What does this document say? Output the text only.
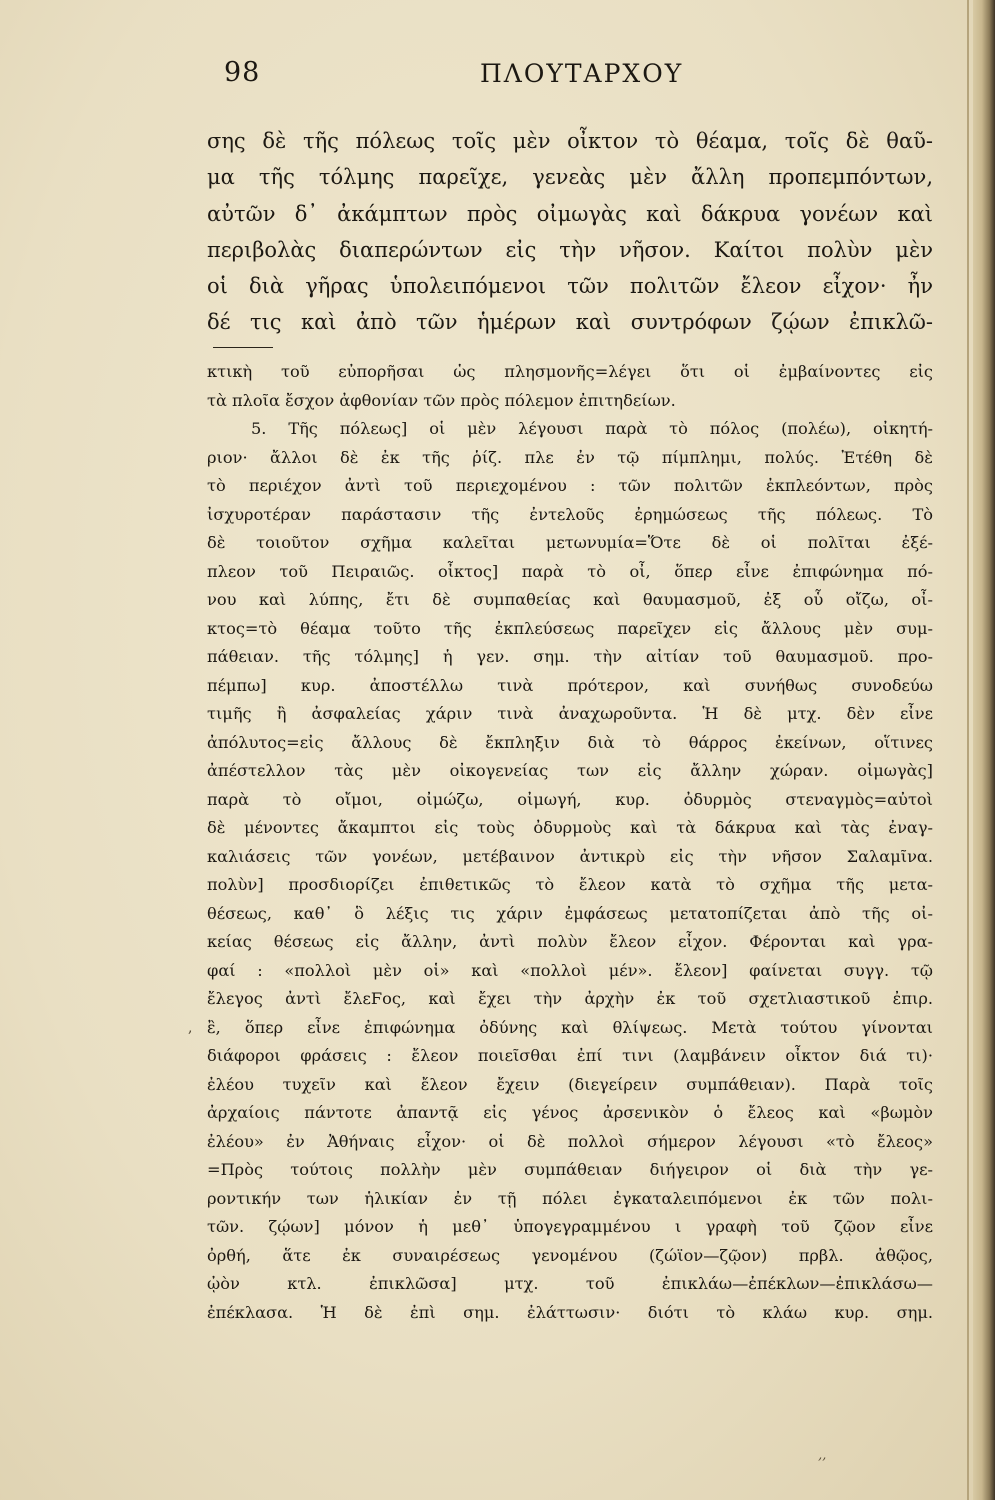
98	ΠΛΟΥΤΑΡΧΟΥ
σης δὲ τῆς πόλεως τοῖς μὲν οἶκτον τὸ θέαμα, τοῖς δὲ θαῦ-
μα τῆς τόλμης παρεῖχε, γενεὰς μὲν ἄλλη προπεμπόντων,
αὐτῶν δ᾽ ἀκάμπτων πρὸς οἰμωγὰς καὶ δάκρυα γονέων καὶ
περιβολὰς διαπερώντων εἰς τὴν νῆσον. Καίτοι πολὺν μὲν
οἱ διὰ γῆρας ὑπολειπόμενοι τῶν πολιτῶν ἔλεον εἶχον· ἦν
δέ τις καὶ ἀπὸ τῶν ἡμέρων καὶ συντρόφων ζῴων ἐπικλῶ-
κτικὴ τοῦ εὐπορῆσαι ὡς πλησμονῆς=λέγει ὅτι οἱ ἐμβαίνοντες εἰς
τὰ πλοῖα ἔσχον ἀφθονίαν τῶν πρὸς πόλεμον ἐπιτηδείων.
5. Τῆς πόλεως] οἱ μὲν λέγουσι παρὰ τὸ πόλος (πολέω), οἰκητή-
ριον· ἄλλοι δὲ ἐκ τῆς ῥίζ. πλε ἐν τῷ πίμπλημι, πολύς. Ἐτέθη δὲ
τὸ περιέχον ἀντὶ τοῦ περιεχομένου : τῶν πολιτῶν ἐκπλεόντων, πρὸς
ἰσχυροτέραν παράστασιν τῆς ἐντελοῦς ἐρημώσεως τῆς πόλεως. Τὸ
δὲ τοιοῦτον σχῆμα καλεῖται μετωνυμία=Ὅτε δὲ οἱ πολῖται ἐξέ-
πλεον τοῦ Πειραιῶς. οἶκτος] παρὰ τὸ οἶ, ὅπερ εἶνε ἐπιφώνημα πό-
νου καὶ λύπης, ἔτι δὲ συμπαθείας καὶ θαυμασμοῦ, ἐξ οὗ οἴζω, οἶ-
κτος=τὸ θέαμα τοῦτο τῆς ἐκπλεύσεως παρεῖχεν εἰς ἄλλους μὲν συμ-
πάθειαν. τῆς τόλμης] ἡ γεν. σημ. τὴν αἰτίαν τοῦ θαυμασμοῦ. προ-
πέμπω] κυρ. ἀποστέλλω τινὰ πρότερον, καὶ συνήθως συνοδεύω
τιμῆς ἢ ἀσφαλείας χάριν τινὰ ἀναχωροῦντα. Ἡ δὲ μτχ. δὲν εἶνε
ἀπόλυτος=εἰς ἄλλους δὲ ἔκπληξιν διὰ τὸ θάρρος ἐκείνων, οἵτινες
ἀπέστελλον τὰς μὲν οἰκογενείας των εἰς ἄλλην χώραν. οἰμωγὰς]
παρὰ τὸ οἴμοι, οἰμώζω, οἰμωγή, κυρ. ὀδυρμὸς στεναγμὸς=αὐτοὶ
δὲ μένοντες ἄκαμπτοι εἰς τοὺς ὀδυρμοὺς καὶ τὰ δάκρυα καὶ τὰς ἐναγ-
καλιάσεις τῶν γονέων, μετέβαινον ἀντικρὺ εἰς τὴν νῆσον Σαλαμῖνα.
πολὺν] προσδιορίζει ἐπιθετικῶς τὸ ἔλεον κατὰ τὸ σχῆμα τῆς μετα-
θέσεως, καθ᾽ ὃ λέξις τις χάριν ἐμφάσεως μετατοπίζεται ἀπὸ τῆς οἰ-
κείας θέσεως εἰς ἄλλην, ἀντὶ πολὺν ἔλεον εἶχον. Φέρονται καὶ γρα-
φαί : «πολλοὶ μὲν οἱ» καὶ «πολλοὶ μέν». ἔλεον] φαίνεται συγγ. τῷ
ἔλεγος ἀντὶ ἔλεϜος, καὶ ἔχει τὴν ἀρχὴν ἐκ τοῦ σχετλιαστικοῦ ἐπιρ.
ἒ, ὅπερ εἶνε ἐπιφώνημα ὀδύνης καὶ θλίψεως. Μετὰ τούτου γίνονται
διάφοροι φράσεις : ἔλεον ποιεῖσθαι ἐπί τινι (λαμβάνειν οἶκτον διά τι)·
ἐλέου τυχεῖν καὶ ἔλεον ἔχειν (διεγείρειν συμπάθειαν). Παρὰ τοῖς
ἀρχαίοις πάντοτε ἀπαντᾷ εἰς γένος ἀρσενικὸν ὁ ἔλεος καὶ «βωμὸν
ἐλέου» ἐν Ἀθήναις εἶχον· οἱ δὲ πολλοὶ σήμερον λέγουσι «τὸ ἔλεος»
=Πρὸς τούτοις πολλὴν μὲν συμπάθειαν διήγειρον οἱ διὰ τὴν γε-
ροντικήν των ἡλικίαν ἐν τῇ πόλει ἐγκαταλειπόμενοι ἐκ τῶν πολι-
τῶν. ζῴων] μόνον ἡ μεθ᾽ ὑπογεγραμμένου ι γραφὴ τοῦ ζῷον εἶνε
ὀρθή, ἅτε ἐκ συναιρέσεως γενομένου (ζώϊον—ζῷον) πρβλ. ἀθῷος,
ᾠὸν κτλ. ἐπικλῶσα] μτχ. τοῦ ἐπικλάω—ἐπέκλων—ἐπικλάσω—
ἐπέκλασα. Ἡ δὲ ἐπὶ σημ. ἐλάττωσιν· διότι τὸ κλάω κυρ. σημ.
,
‚‚
